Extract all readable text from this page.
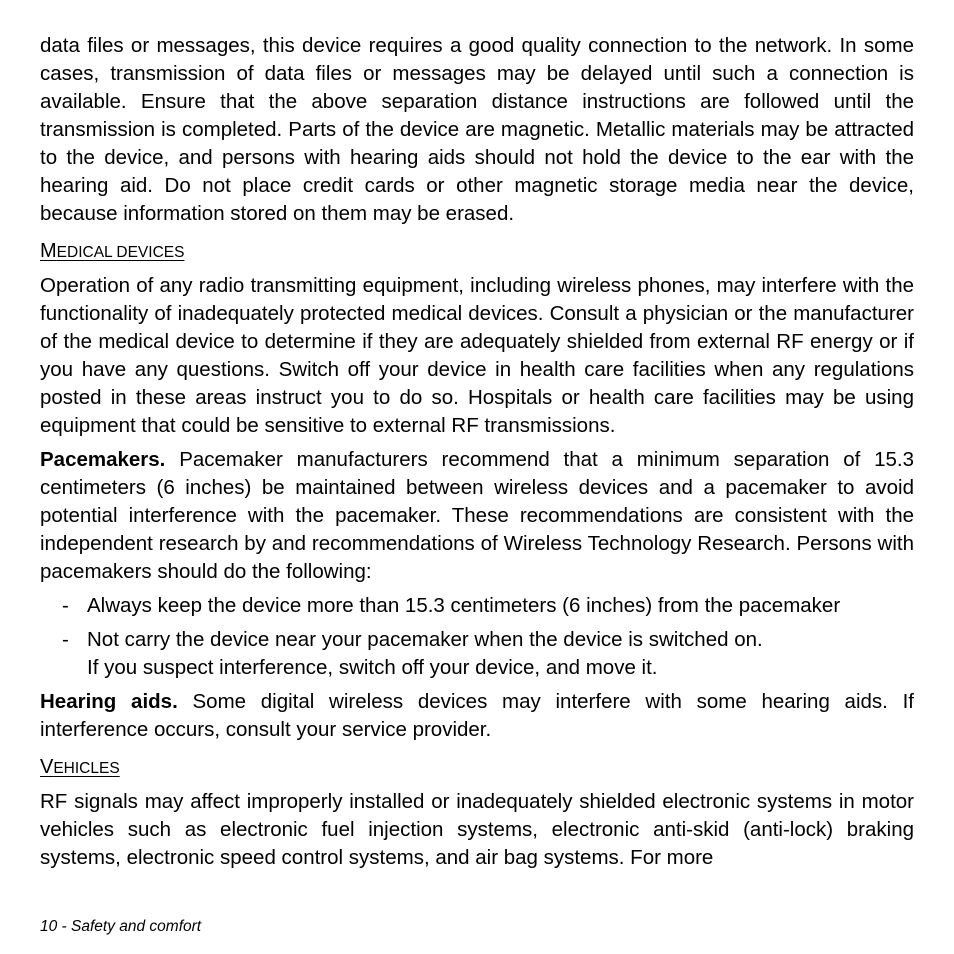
data files or messages, this device requires a good quality connection to the network. In some cases, transmission of data files or messages may be delayed until such a connection is available. Ensure that the above separation distance instructions are followed until the transmission is completed. Parts of the device are magnetic. Metallic materials may be attracted to the device, and persons with hearing aids should not hold the device to the ear with the hearing aid. Do not place credit cards or other magnetic storage media near the device, because information stored on them may be erased.

MEDICAL DEVICES

Operation of any radio transmitting equipment, including wireless phones, may interfere with the functionality of inadequately protected medical devices. Consult a physician or the manufacturer of the medical device to determine if they are adequately shielded from external RF energy or if you have any questions. Switch off your device in health care facilities when any regulations posted in these areas instruct you to do so. Hospitals or health care facilities may be using equipment that could be sensitive to external RF transmissions.

Pacemakers. Pacemaker manufacturers recommend that a minimum separation of 15.3 centimeters (6 inches) be maintained between wireless devices and a pacemaker to avoid potential interference with the pacemaker. These recommendations are consistent with the independent research by and recommendations of Wireless Technology Research. Persons with pacemakers should do the following:

- Always keep the device more than 15.3 centimeters (6 inches) from the pacemaker
- Not carry the device near your pacemaker when the device is switched on.
If you suspect interference, switch off your device, and move it.

Hearing aids. Some digital wireless devices may interfere with some hearing aids. If interference occurs, consult your service provider.

VEHICLES

RF signals may affect improperly installed or inadequately shielded electronic systems in motor vehicles such as electronic fuel injection systems, electronic anti-skid (anti-lock) braking systems, electronic speed control systems, and air bag systems. For more

10 - Safety and comfort
